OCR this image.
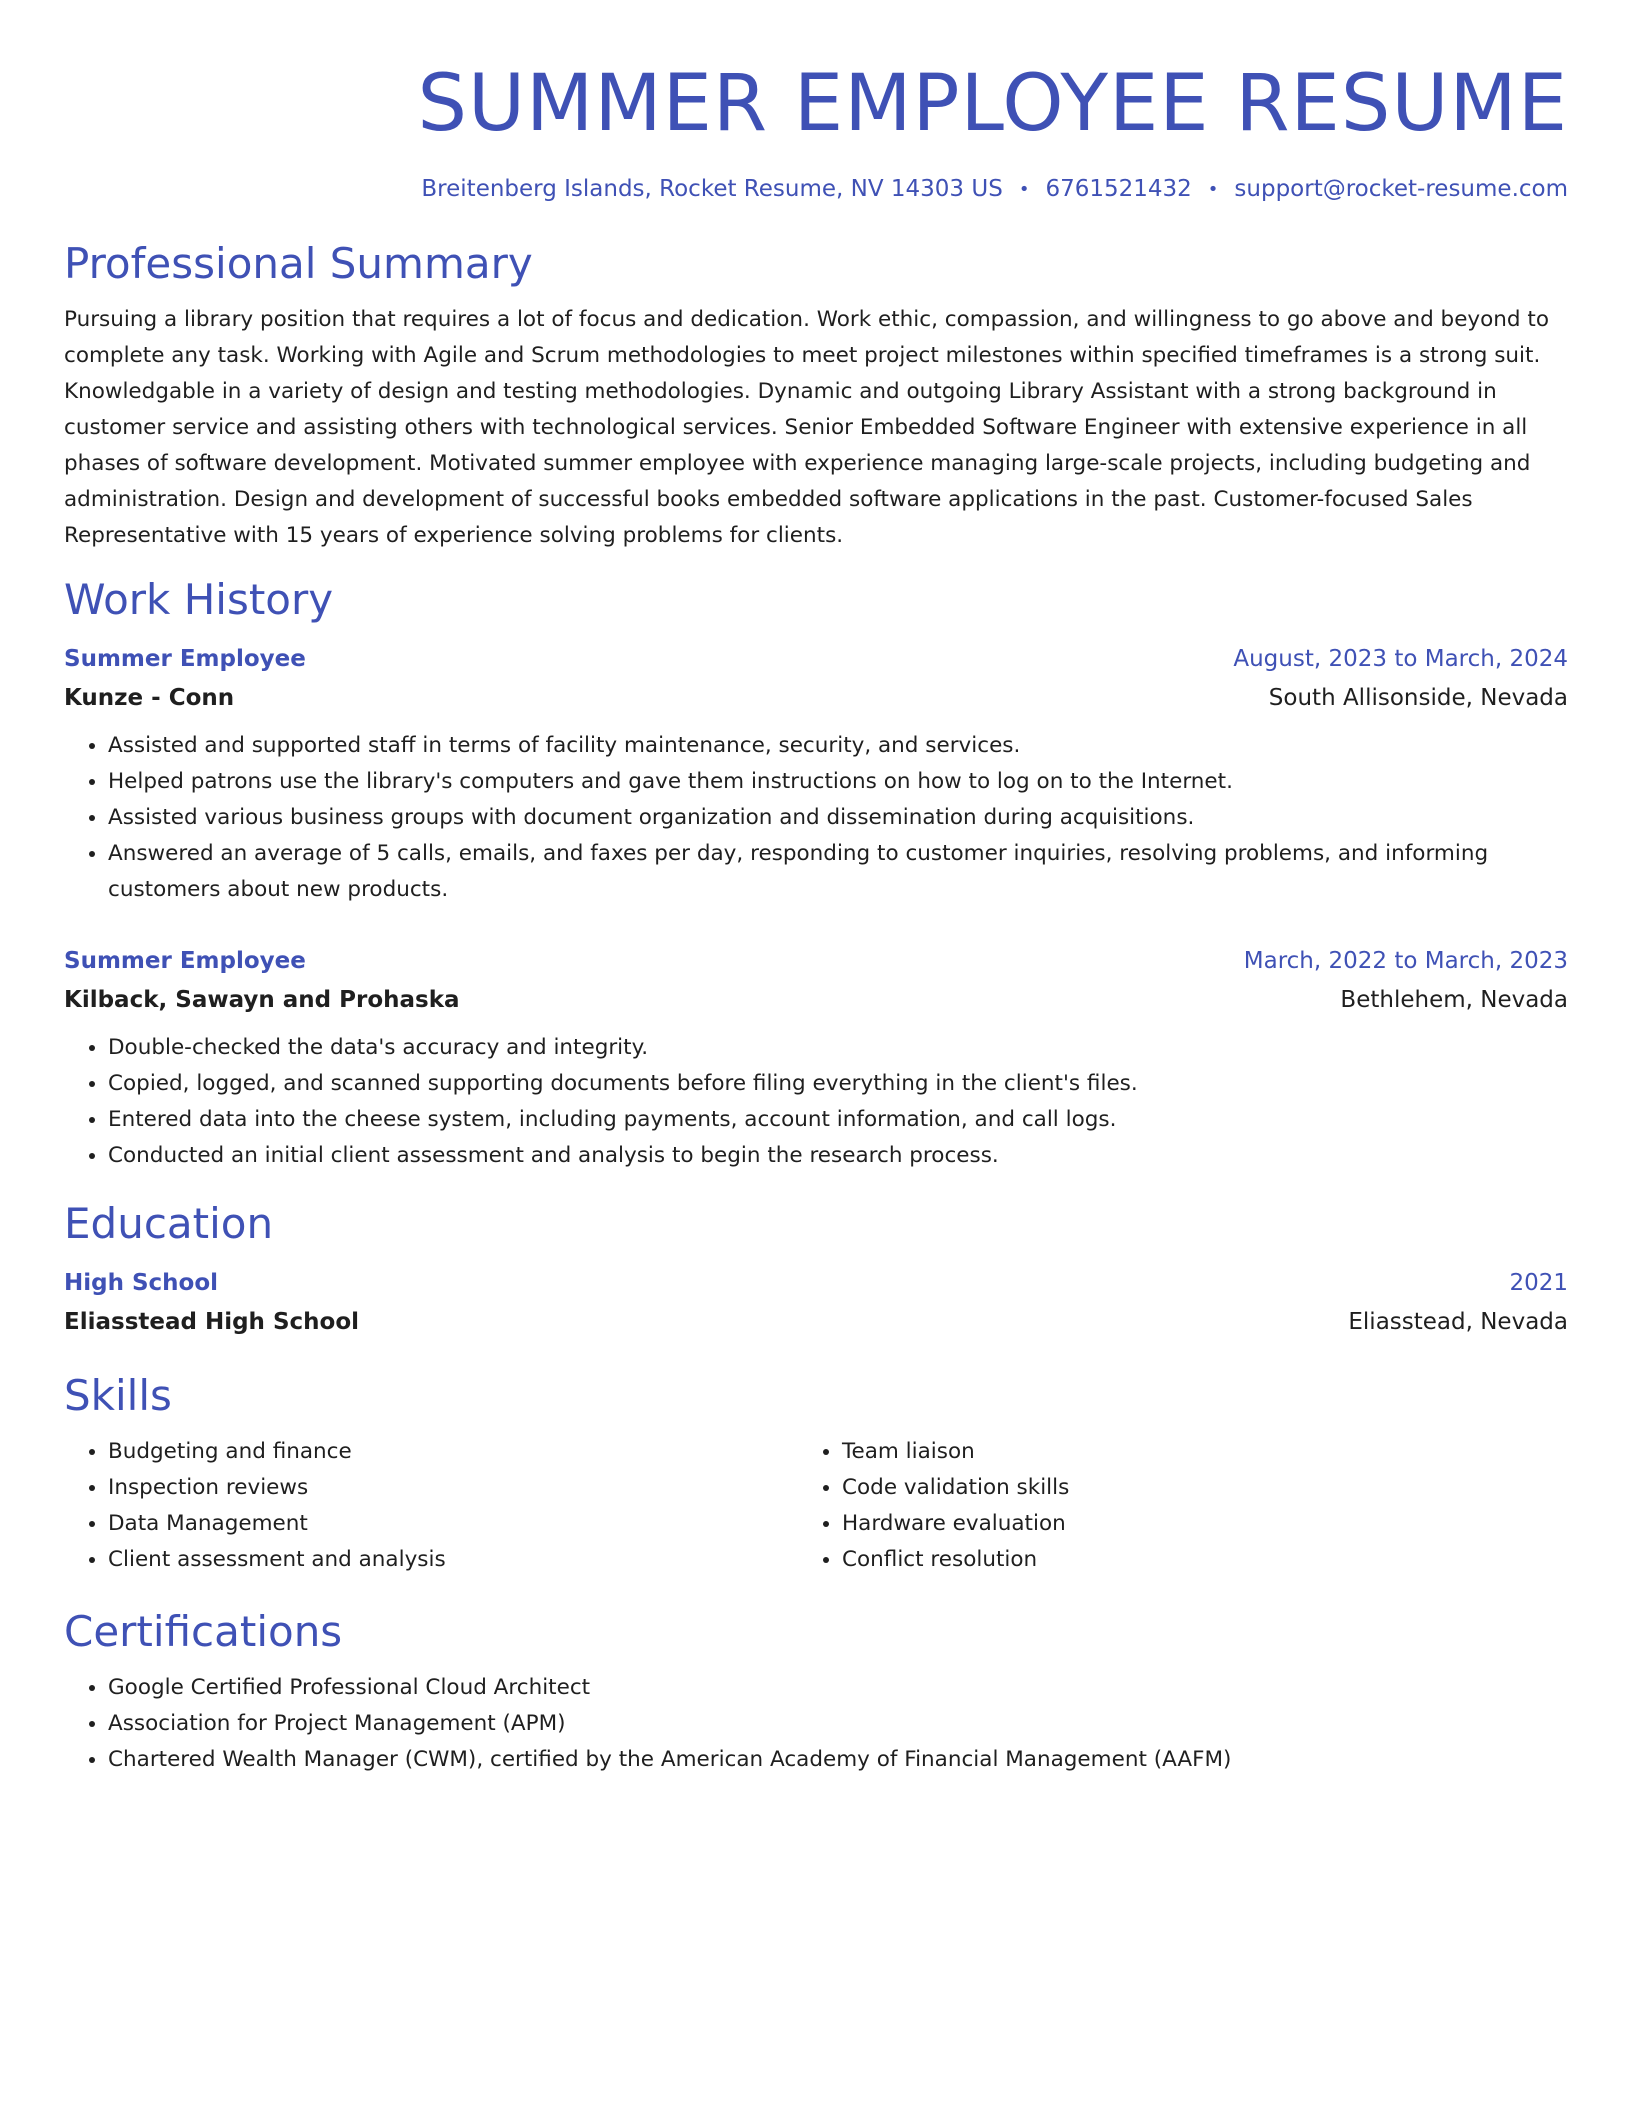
SUMMER EMPLOYEE RESUME
Breitenberg Islands, Rocket Resume, NV 14303 US • 6761521432 • support@rocket-resume.com
Professional Summary
Pursuing a library position that requires a lot of focus and dedication. Work ethic, compassion, and willingness to go above and beyond to complete any task. Working with Agile and Scrum methodologies to meet project milestones within specified timeframes is a strong suit. Knowledgable in a variety of design and testing methodologies. Dynamic and outgoing Library Assistant with a strong background in customer service and assisting others with technological services. Senior Embedded Software Engineer with extensive experience in all phases of software development. Motivated summer employee with experience managing large-scale projects, including budgeting and administration. Design and development of successful books embedded software applications in the past. Customer-focused Sales Representative with 15 years of experience solving problems for clients.
Work History
Summer Employee	August, 2023 to March, 2024
Kunze - Conn	South Allisonside, Nevada
• Assisted and supported staff in terms of facility maintenance, security, and services.
• Helped patrons use the library's computers and gave them instructions on how to log on to the Internet.
• Assisted various business groups with document organization and dissemination during acquisitions.
• Answered an average of 5 calls, emails, and faxes per day, responding to customer inquiries, resolving problems, and informing customers about new products.
Summer Employee	March, 2022 to March, 2023
Kilback, Sawayn and Prohaska	Bethlehem, Nevada
• Double-checked the data's accuracy and integrity.
• Copied, logged, and scanned supporting documents before filing everything in the client's files.
• Entered data into the cheese system, including payments, account information, and call logs.
• Conducted an initial client assessment and analysis to begin the research process.
Education
High School	2021
Eliasstead High School	Eliasstead, Nevada
Skills
• Budgeting and finance
• Inspection reviews
• Data Management
• Client assessment and analysis
• Team liaison
• Code validation skills
• Hardware evaluation
• Conflict resolution
Certifications
• Google Certified Professional Cloud Architect
• Association for Project Management (APM)
• Chartered Wealth Manager (CWM), certified by the American Academy of Financial Management (AAFM)
